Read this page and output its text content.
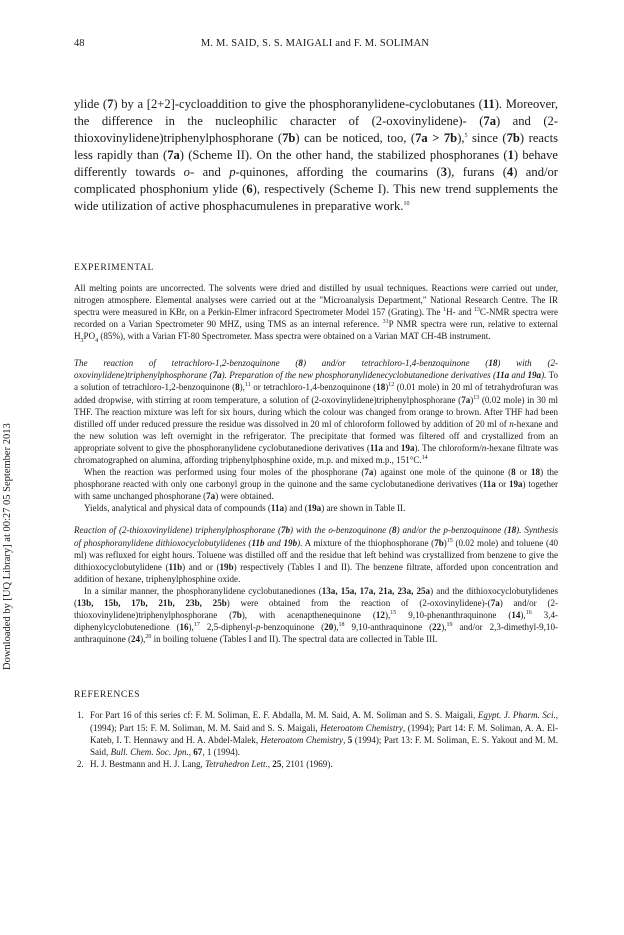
48	M. M. SAID, S. S. MAIGALI and F. M. SOLIMAN
Downloaded by [UQ Library] at 00:27 05 September 2013

ylide (7) by a [2+2]-cycloaddition to give the phosphoranylidene-cyclobutanes (11). Moreover, the difference in the nucleophilic character of (2-oxovinylidene)- (7a) and (2-thioxovinylidene)triphenylphosphorane (7b) can be noticed, too, (7a > 7b),$^5$ since (7b) reacts less rapidly than (7a) (Scheme II). On the other hand, the stabilized phosphoranes (1) behave differently towards o- and p-quinones, affording the coumarins (3), furans (4) and/or complicated phosphonium ylide (6), respectively (Scheme I). This new trend supplements the wide utilization of active phosphacumulenes in preparative work.$^{10}$

EXPERIMENTAL

All melting points are uncorrected. The solvents were dried and distilled by usual techniques. Reactions were carried out under, nitrogen atmosphere. Elemental analyses were carried out at the "Microanalysis Department," National Research Centre. The IR spectra were measured in KBr, on a Perkin-Elmer infracord Spectrometer Model 157 (Grating). The $^1$H- and $^{13}$C-NMR spectra were recorded on a Varian Spectrometer 90 MHZ, using TMS as an internal reference. $^{31}$P NMR spectra were run, relative to external $H_3PO_4$ (85%), with a Varian FT-80 Spectrometer. Mass spectra were obtained on a Varian MAT CH-4B instrument.

The reaction of tetrachloro-1,2-benzoquinone (8) and/or tetrachloro-1,4-benzoquinone (18) with (2-oxovinylidene)triphenylphosphorane (7a). Preparation of the new phosphoranylidenecyclobutanedione derivatives (11a and 19a). To a solution of tetrachloro-1,2-benzoquinone (8),$^{11}$ or tetrachloro-1,4-benzoquinone $(18)^{12}$ (0.01 mole) in 20 ml of tetrahydrofuran was added dropwise, with stirring at room temperature, a solution of (2-oxovinylidene)triphenylphosphorane $(7a)^{13}$ (0.02 mole) in 30 ml THF. The reaction mixture was left for six hours, during which the colour was changed from orange to brown. After THF had been distilled off under reduced pressure the residue was dissolved in 20 ml of chloroform followed by addition of 20 ml of n-hexane and the new solution was left overnight in the refrigerator. The precipitate that formed was filtered off and crystallized from an appropriate solvent to give the phosphoranylidene cyclobutanedione derivatives (11a and 19a). The chloroform/n-hexane filtrate was chromatographed on alumina, affording triphenylphosphine oxide, m.p. and mixed m.p., 151°C.$^{14}$

When the reaction was performed using four moles of the phosphorane (7a) against one mole of the quinone (8 or 18) the phosphorane reacted with only one carbonyl group in the quinone and the same cyclobutanedione derivatives (11a or 19a) together with same unchanged phosphorane (7a) were obtained.

Yields, analytical and physical data of compounds (11a) and (19a) are shown in Table II.

Reaction of (2-thioxovinylidene) triphenylphosphorane (7b) with the o-benzoquinone (8) and/or the p-benzoquinone (18). Synthesis of phosphoranylidene dithioxocyclobutylidenes (11b and 19b). A mixture of the thiophosphorane $(7b)^{15}$ (0.02 mole) and toluene (40 ml) was refluxed for eight hours. Toluene was distilled off and the residue that left behind was crystallized from benzene to give the dithioxocyclobutylidene (11b) and or (19b) respectively (Tables I and II). The benzene filtrate, afforded upon concentration and addition of hexane, triphenylphosphine oxide.

In a similar manner, the phosphoranylidene cyclobutanediones (13a, 15a, 17a, 21a, 23a, 25a) and the dithioxocyclobutylidenes (13b, 15b, 17b, 21b, 23b, 25b) were obtained from the reaction of (2-oxovinylidene)-(7a) and/or (2-thioxovinylidene)triphenylphosphorane (7b), with acenapthenequinone (12),$^{15}$ 9,10-phenanthraquinone (14),$^{16}$ 3,4-diphenylcyclobutenedione (16),$^{17}$ 2,5-diphenyl-p-benzoquinone (20),$^{18}$ 9,10-anthraquinone (22),$^{19}$ and/or 2,3-dimethyl-9,10-anthraquinone (24),$^{20}$ in boiling toluene (Tables I and II). The spectral data are collected in Table III.

REFERENCES

1. For Part 16 of this series cf: F. M. Soliman, E. F. Abdalla, M. M. Said, A. M. Soliman and S. S. Maigali, Egypt. J. Pharm. Sci., (1994); Part 15: F. M. Soliman, M. M. Said and S. S. Maigali, Heteroatom Chemistry, (1994); Part 14: F. M. Soliman, A. A. El-Kateb, I. T. Hennawy and H. A. Abdel-Malek, Heteroatom Chemistry, 5 (1994); Part 13: F. M. Soliman, E. S. Yakout and M. M. Said, Bull. Chem. Soc. Jpn., 67, 1 (1994).
2. H. J. Bestmann and H. J. Lang, Tetrahedron Lett., 25, 2101 (1969).
